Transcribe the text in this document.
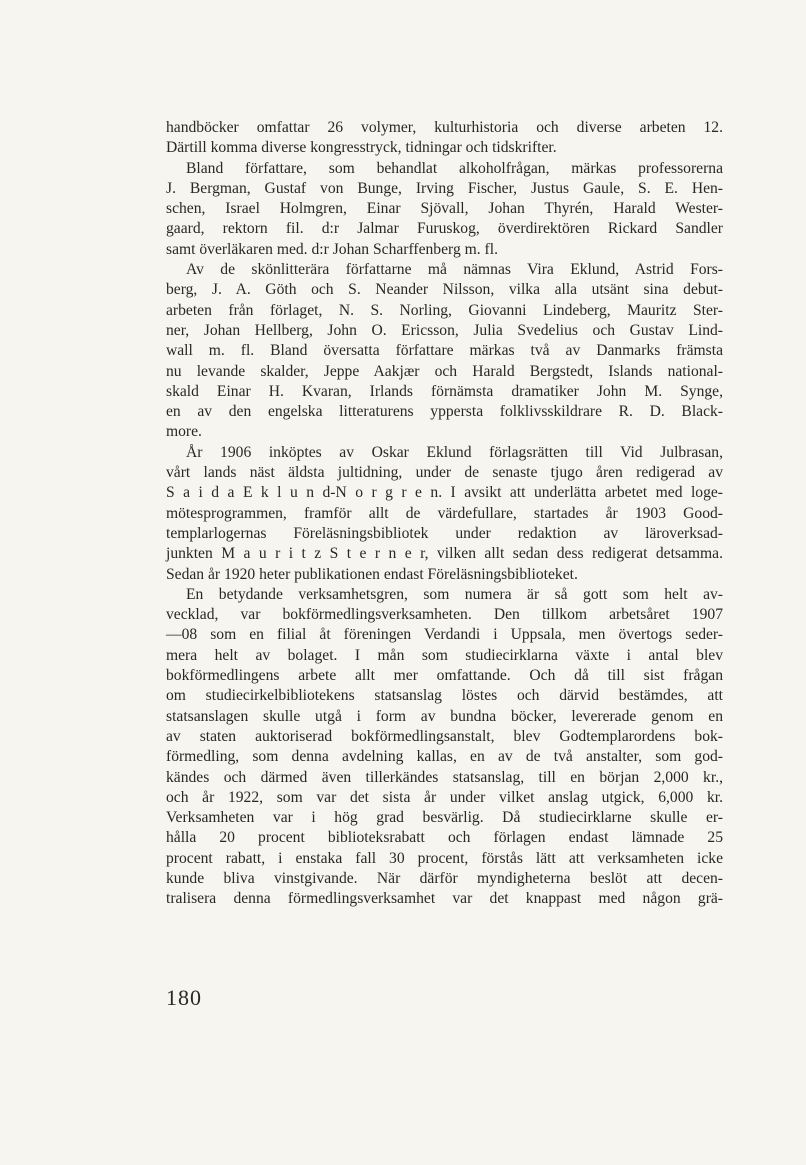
handböcker omfattar 26 volymer, kulturhistoria och diverse arbeten 12.
Därtill komma diverse kongresstryck, tidningar och tidskrifter.
Bland författare, som behandlat alkoholfrågan, märkas professorerna
J. Bergman, Gustaf von Bunge, Irving Fischer, Justus Gaule, S. E. Hen-
schen, Israel Holmgren, Einar Sjövall, Johan Thyrén, Harald Wester-
gaard, rektorn fil. d:r Jalmar Furuskog, överdirektören Rickard Sandler
samt överläkaren med. d:r Johan Scharffenberg m. fl.
Av de skönlitterära författarne må nämnas Vira Eklund, Astrid Fors-
berg, J. A. Göth och S. Neander Nilsson, vilka alla utsänt sina debut-
arbeten från förlaget, N. S. Norling, Giovanni Lindeberg, Mauritz Ster-
ner, Johan Hellberg, John O. Ericsson, Julia Svedelius och Gustav Lind-
wall m. fl. Bland översatta författare märkas två av Danmarks främsta
nu levande skalder, Jeppe Aakjær och Harald Bergstedt, Islands national-
skald Einar H. Kvaran, Irlands förnämsta dramatiker John M. Synge,
en av den engelska litteraturens yppersta folklivsskildrare R. D. Black-
more.
År 1906 inköptes av Oskar Eklund förlagsrätten till Vid Julbrasan,
vårt lands näst äldsta jultidning, under de senaste tjugo åren redigerad av
S a i d a E k l u n d-N o r g r e n. I avsikt att underlätta arbetet med loge-
mötesprogrammen, framför allt de värdefullare, startades år 1903 Good-
templarlogernas Föreläsningsbibliotek under redaktion av läroverksad-
junkten M a u r i t z S t e r n e r, vilken allt sedan dess redigerat detsamma.
Sedan år 1920 heter publikationen endast Föreläsningsbiblioteket.
En betydande verksamhetsgren, som numera är så gott som helt av-
vecklad, var bokförmedlingsverksamheten. Den tillkom arbetsåret 1907
—08 som en filial åt föreningen Verdandi i Uppsala, men övertogs seder-
mera helt av bolaget. I mån som studiecirklarna växte i antal blev
bokförmedlingens arbete allt mer omfattande. Och då till sist frågan
om studiecirkelbibliotekens statsanslag löstes och därvid bestämdes, att
statsanslagen skulle utgå i form av bundna böcker, levererade genom en
av staten auktoriserad bokförmedlingsanstalt, blev Godtemplarordens bok-
förmedling, som denna avdelning kallas, en av de två anstalter, som god-
kändes och därmed även tillerkändes statsanslag, till en början 2,000 kr.,
och år 1922, som var det sista år under vilket anslag utgick, 6,000 kr.
Verksamheten var i hög grad besvärlig. Då studiecirklarne skulle er-
hålla 20 procent biblioteksrabatt och förlagen endast lämnade 25
procent rabatt, i enstaka fall 30 procent, förstås lätt att verksamheten icke
kunde bliva vinstgivande. När därför myndigheterna beslöt att decen-
tralisera denna förmedlingsverksamhet var det knappast med någon grä-
180
